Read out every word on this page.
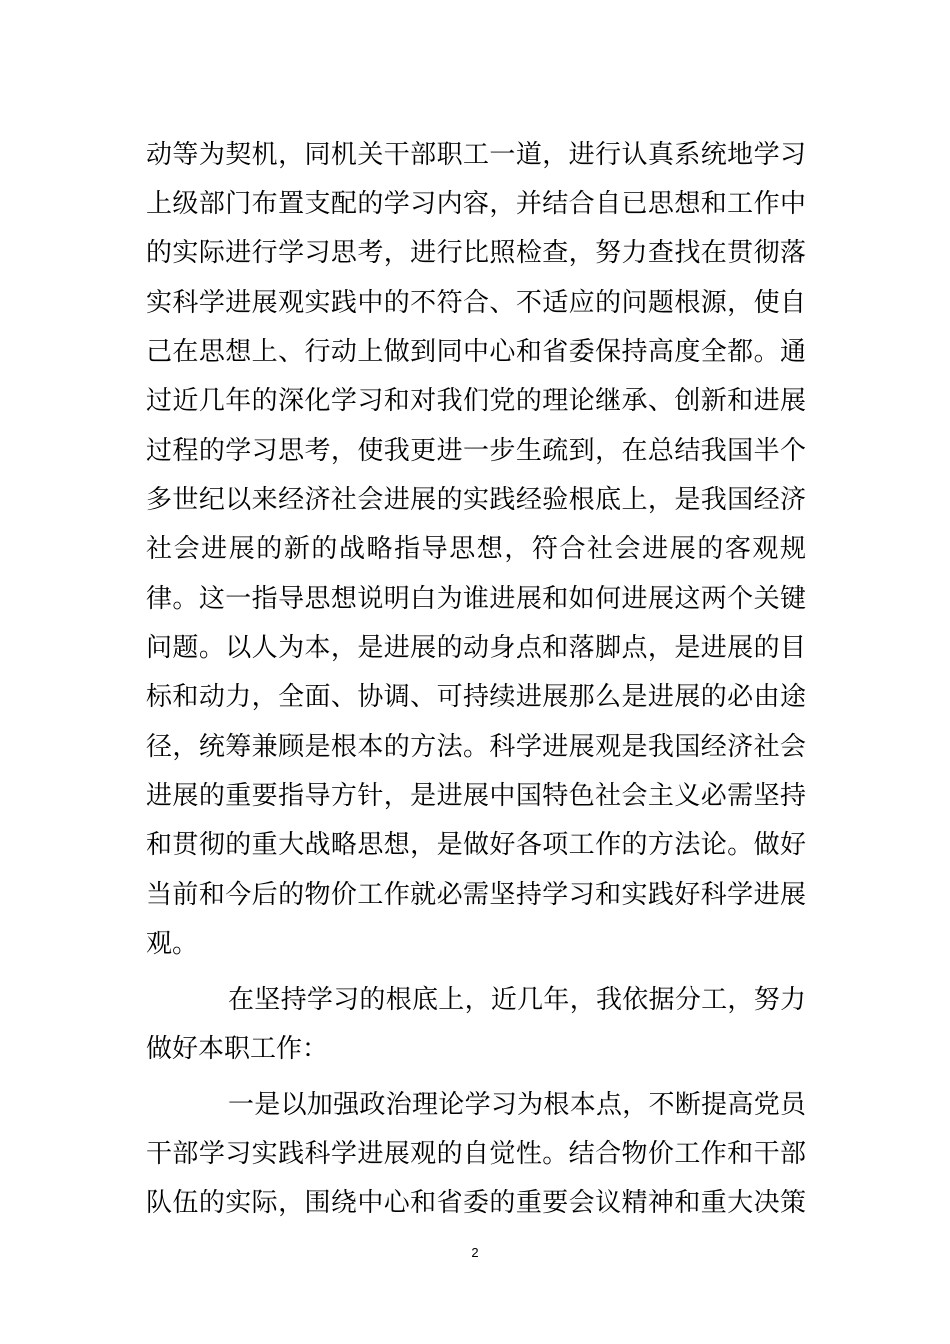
动等为契机，同机关干部职工一道，进行认真系统地学习
上级部门布置支配的学习内容，并结合自已思想和工作中
的实际进行学习思考，进行比照检查，努力查找在贯彻落
实科学进展观实践中的不符合、不适应的问题根源，使自
己在思想上、行动上做到同中心和省委保持高度全都。通
过近几年的深化学习和对我们党的理论继承、创新和进展
过程的学习思考，使我更进一步生疏到，在总结我国半个
多世纪以来经济社会进展的实践经验根底上，是我国经济
社会进展的新的战略指导思想，符合社会进展的客观规
律。这一指导思想说明白为谁进展和如何进展这两个关键
问题。以人为本，是进展的动身点和落脚点，是进展的目
标和动力，全面、协调、可持续进展那么是进展的必由途
径，统筹兼顾是根本的方法。科学进展观是我国经济社会
进展的重要指导方针，是进展中国特色社会主义必需坚持
和贯彻的重大战略思想，是做好各项工作的方法论。做好
当前和今后的物价工作就必需坚持学习和实践好科学进展
观。
在坚持学习的根底上，近几年，我依据分工，努力
做好本职工作：
一是以加强政治理论学习为根本点，不断提高党员
干部学习实践科学进展观的自觉性。结合物价工作和干部
队伍的实际，围绕中心和省委的重要会议精神和重大决策
2
